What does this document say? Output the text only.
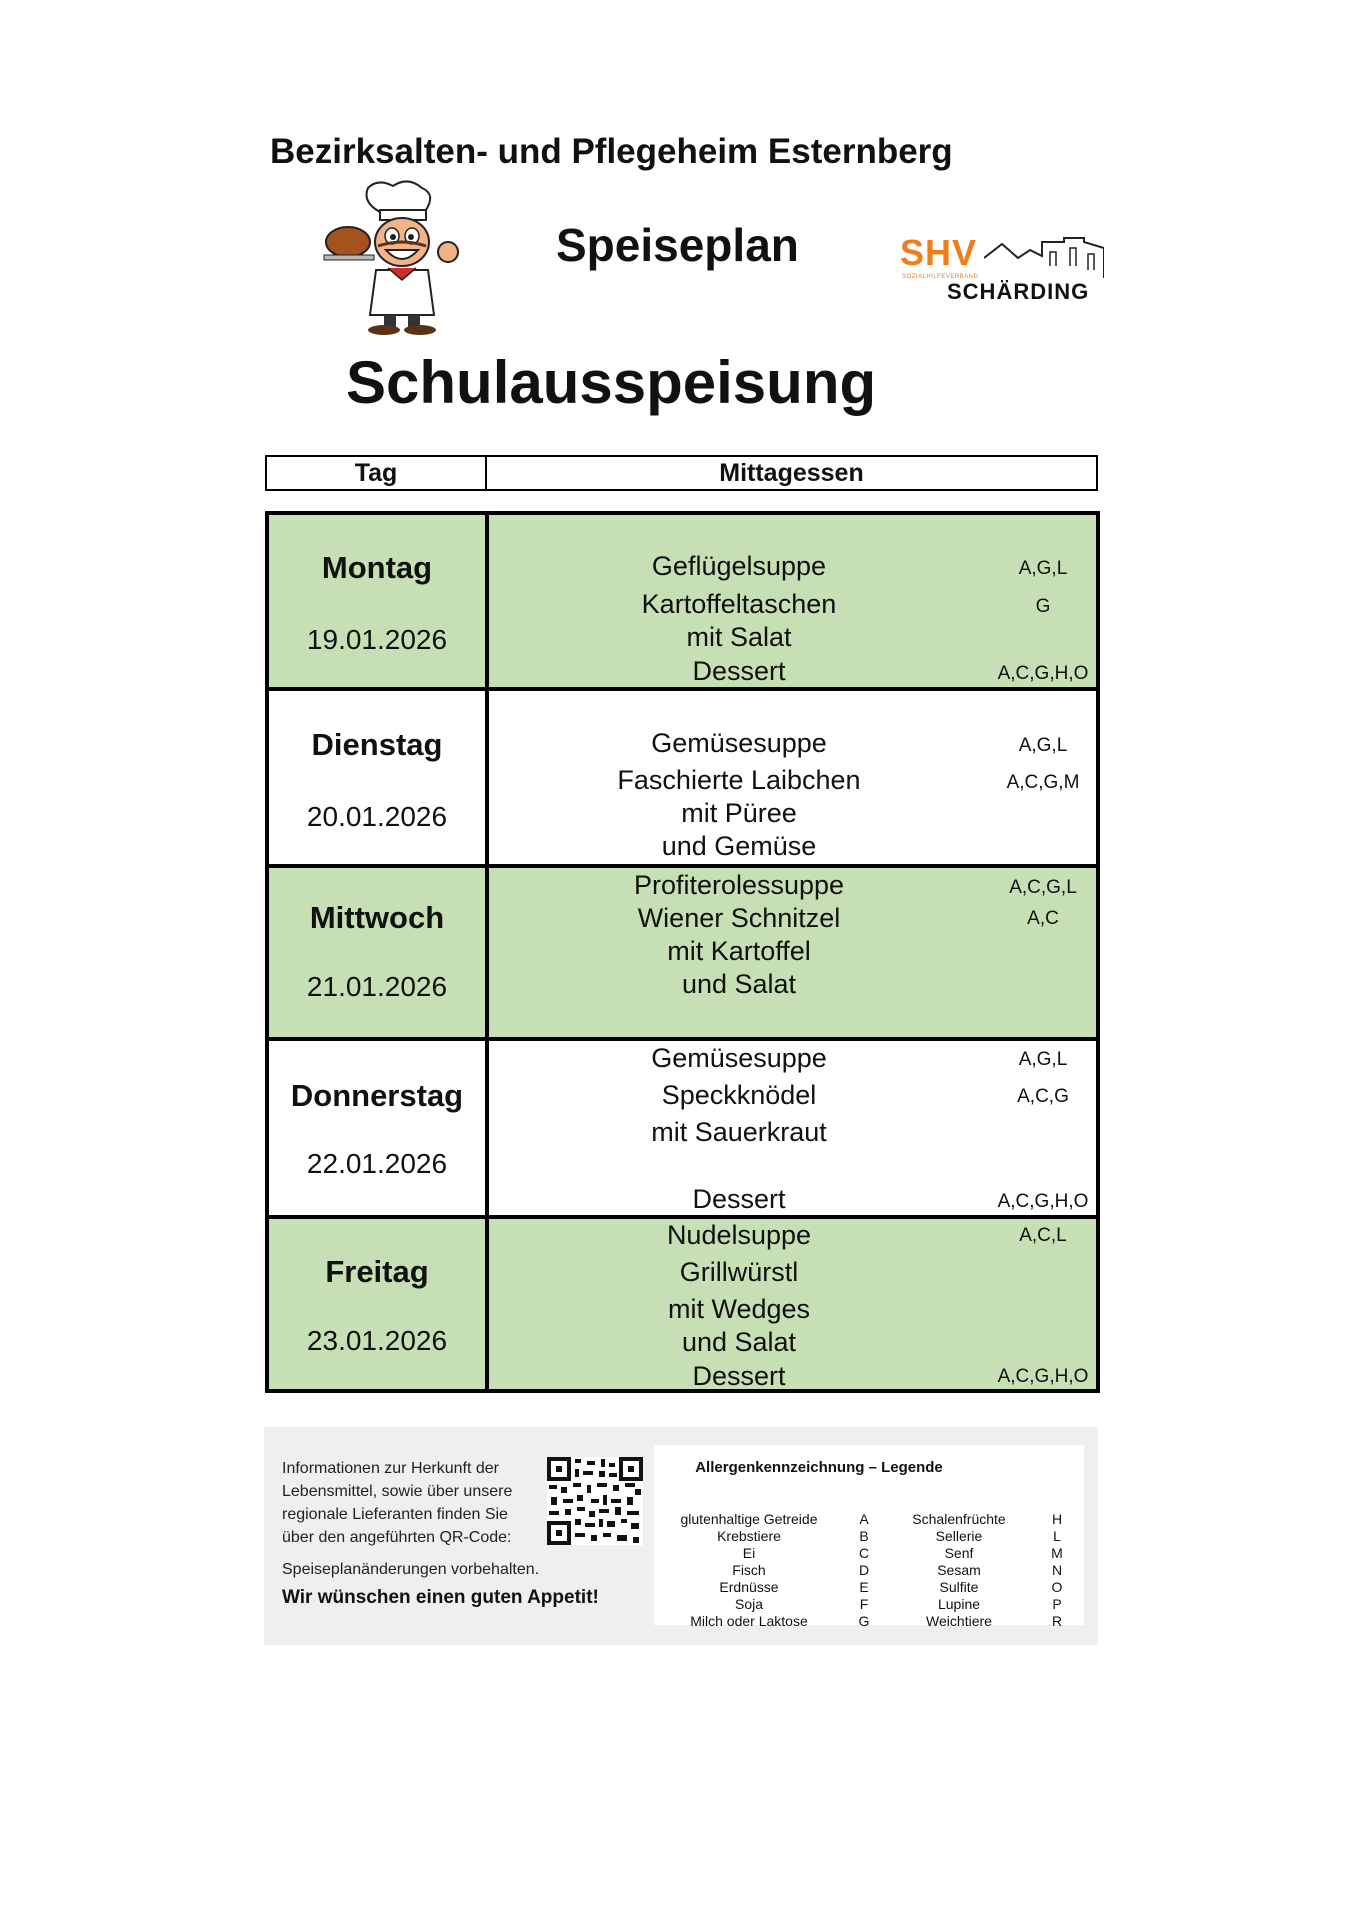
Bezirksalten- und Pflegeheim Esternberg
Speiseplan	SHV
SOZIALHILFEVERBAND
SCHÄRDING
Schulausspeisung
Tag	Mittagessen
Montag
19.01.2026
Geflügelsuppe	A,G,L
Kartoffeltaschen	G
mit Salat
Dessert	A,C,G,H,O
Dienstag
20.01.2026
Gemüsesuppe	A,G,L
Faschierte Laibchen	A,C,G,M
mit Püree
und Gemüse
Mittwoch
21.01.2026
Profiterolessuppe	A,C,G,L
Wiener Schnitzel	A,C
mit Kartoffel
und Salat
Donnerstag
22.01.2026
Gemüsesuppe	A,G,L
Speckknödel	A,C,G
mit Sauerkraut
Dessert	A,C,G,H,O
Freitag
23.01.2026
Nudelsuppe	A,C,L
Grillwürstl
mit Wedges
und Salat
Dessert	A,C,G,H,O
Informationen zur Herkunft der
Lebensmittel, sowie über unsere
regionale Lieferanten finden Sie
über den angeführten QR-Code:
Speiseplanänderungen vorbehalten.
Wir wünschen einen guten Appetit!
Allergenkennzeichnung – Legende
glutenhaltige Getreide	A	Schalenfrüchte	H
Krebstiere	B	Sellerie	L
Ei	C	Senf	M
Fisch	D	Sesam	N
Erdnüsse	E	Sulfite	O
Soja	F	Lupine	P
Milch oder Laktose	G	Weichtiere	R
